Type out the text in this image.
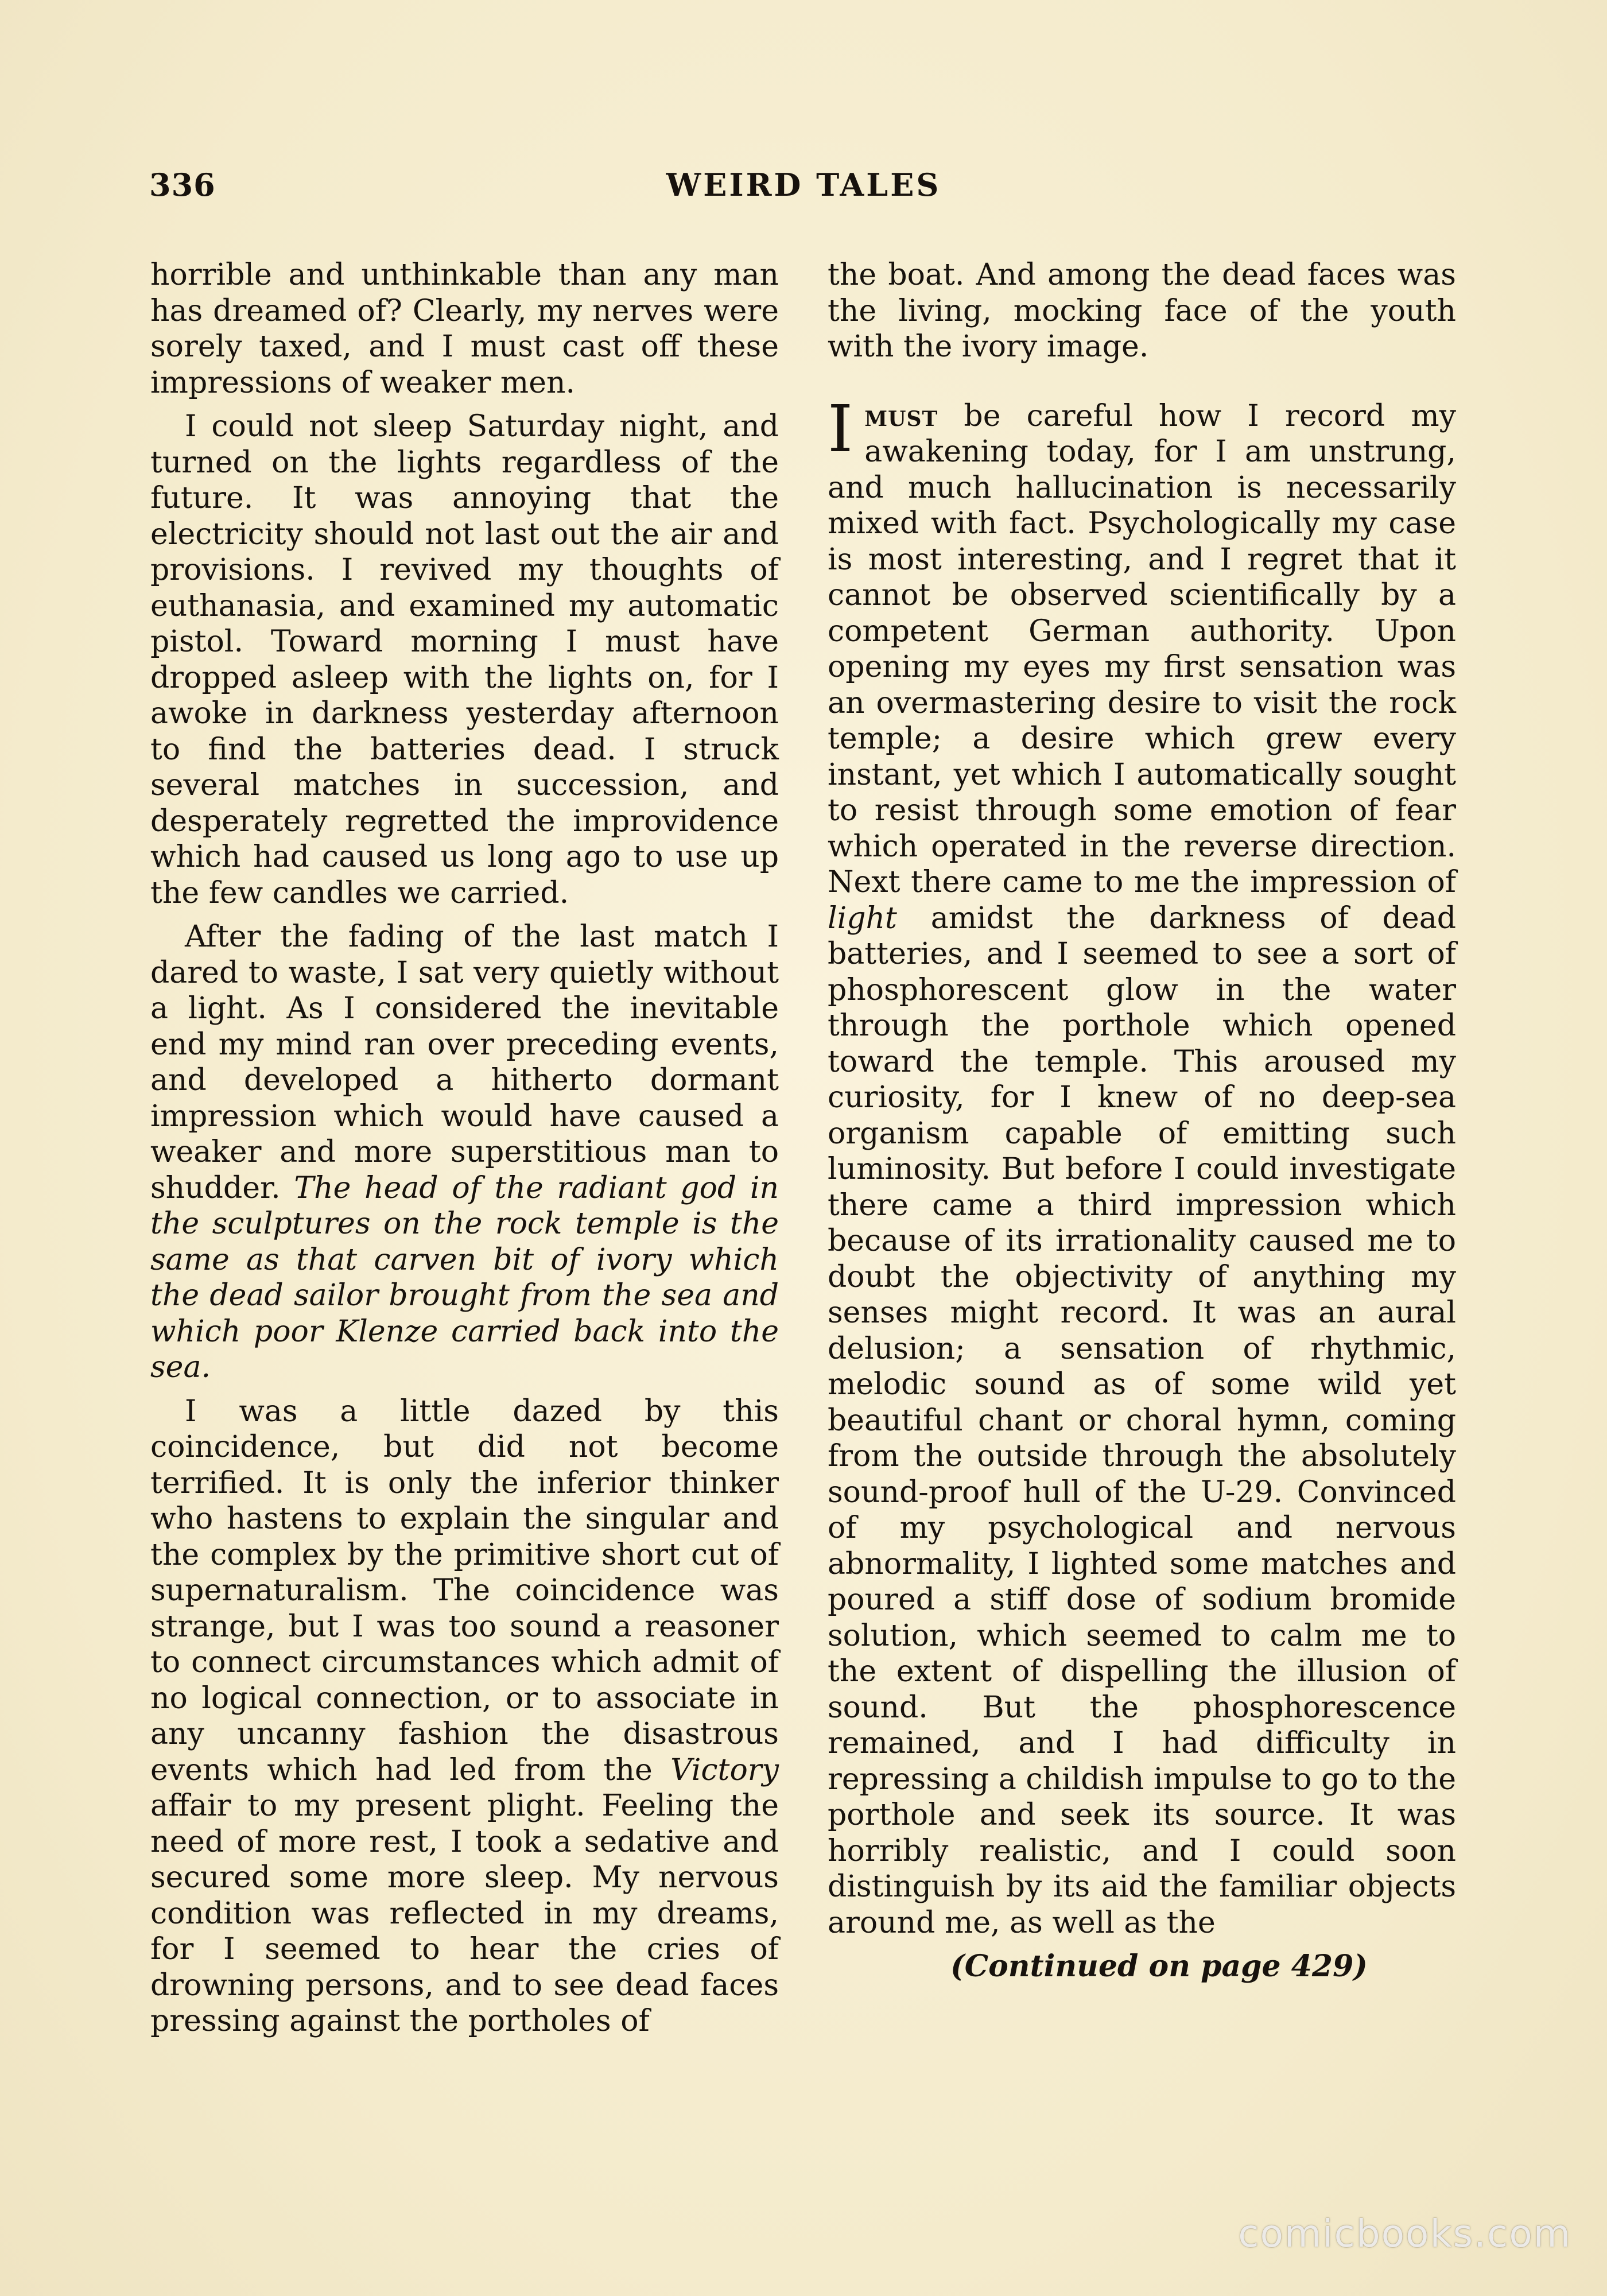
336	WEIRD TALES

horrible and unthinkable than any man has dreamed of? Clearly, my nerves were sorely taxed, and I must cast off these impressions of weaker men.

I could not sleep Saturday night, and turned on the lights regardless of the future. It was annoying that the electricity should not last out the air and provisions. I revived my thoughts of euthanasia, and examined my automatic pistol. Toward morning I must have dropped asleep with the lights on, for I awoke in darkness yesterday afternoon to find the batteries dead. I struck several matches in succession, and desperately regretted the improvidence which had caused us long ago to use up the few candles we carried.

After the fading of the last match I dared to waste, I sat very quietly without a light. As I considered the inevitable end my mind ran over preceding events, and developed a hitherto dormant impression which would have caused a weaker and more superstitious man to shudder. The head of the radiant god in the sculptures on the rock temple is the same as that carven bit of ivory which the dead sailor brought from the sea and which poor Klenze carried back into the sea.

I was a little dazed by this coincidence, but did not become terrified. It is only the inferior thinker who hastens to explain the singular and the complex by the primitive short cut of supernaturalism. The coincidence was strange, but I was too sound a reasoner to connect circumstances which admit of no logical connection, or to associate in any uncanny fashion the disastrous events which had led from the Victory affair to my present plight. Feeling the need of more rest, I took a sedative and secured some more sleep. My nervous condition was reflected in my dreams, for I seemed to hear the cries of drowning persons, and to see dead faces pressing against the portholes of

the boat. And among the dead faces was the living, mocking face of the youth with the ivory image.

Imust be careful how I record my awakening today, for I am unstrung, and much hallucination is necessarily mixed with fact. Psychologically my case is most interesting, and I regret that it cannot be observed scientifically by a competent German authority. Upon opening my eyes my first sensation was an overmastering desire to visit the rock temple; a desire which grew every instant, yet which I automatically sought to resist through some emotion of fear which operated in the reverse direction. Next there came to me the impression of light amidst the darkness of dead batteries, and I seemed to see a sort of phosphorescent glow in the water through the porthole which opened toward the temple. This aroused my curiosity, for I knew of no deep-sea organism capable of emitting such luminosity. But before I could investigate there came a third impression which because of its irrationality caused me to doubt the objectivity of anything my senses might record. It was an aural delusion; a sensation of rhythmic, melodic sound as of some wild yet beautiful chant or choral hymn, coming from the outside through the absolutely sound-proof hull of the U-29. Convinced of my psychological and nervous abnormality, I lighted some matches and poured a stiff dose of sodium bromide solution, which seemed to calm me to the extent of dispelling the illusion of sound. But the phosphorescence remained, and I had difficulty in repressing a childish impulse to go to the porthole and seek its source. It was horribly realistic, and I could soon distinguish by its aid the familiar objects around me, as well as the

(Continued on page 429)

comicbooks.com
